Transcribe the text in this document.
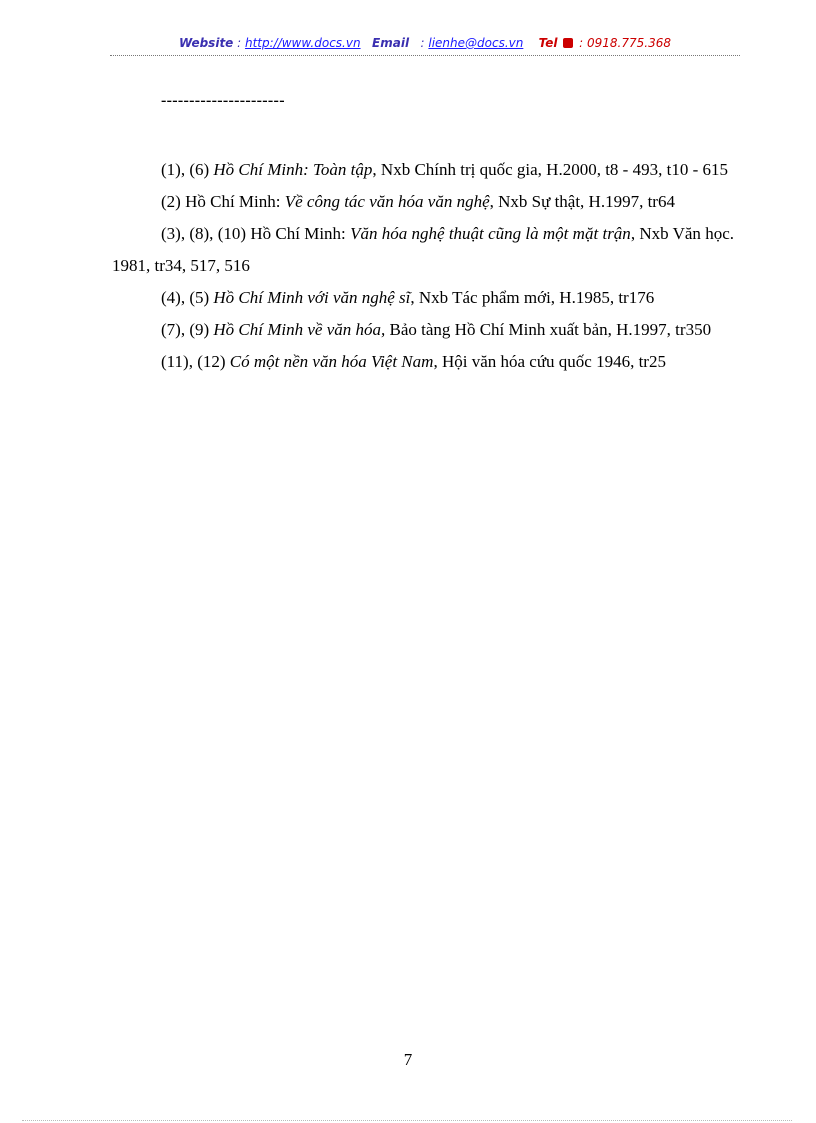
Website : http://www.docs.vn Email   : lienhe@docs.vn Tel  : 0918.775.368
----------------------

(1), (6) Hồ Chí Minh: Toàn tập, Nxb Chính trị quốc gia, H.2000, t8 - 493, t10 - 615

(2) Hồ Chí Minh: Về công tác văn hóa văn nghệ, Nxb Sự thật, H.1997, tr64

(3), (8), (10) Hồ Chí Minh: Văn hóa nghệ thuật cũng là một mặt trận, Nxb Văn học. 1981, tr34, 517, 516

(4), (5) Hồ Chí Minh với văn nghệ sĩ, Nxb Tác phẩm mới, H.1985, tr176

(7), (9) Hồ Chí Minh về văn hóa, Bảo tàng Hồ Chí Minh xuất bản, H.1997, tr350

(11), (12) Có một nền văn hóa Việt Nam, Hội văn hóa cứu quốc 1946, tr25

7
